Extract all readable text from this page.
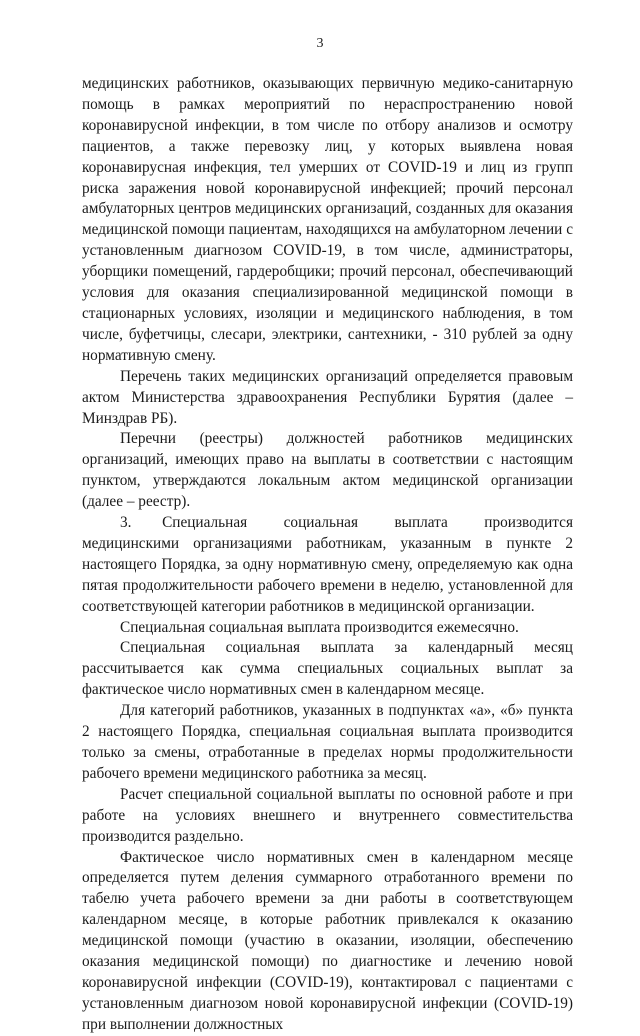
3

медицинских работников, оказывающих первичную медико-санитарную помощь в рамках мероприятий по нераспространению новой коронавирусной инфекции, в том числе по отбору анализов и осмотру пациентов, а также перевозку лиц, у которых выявлена новая коронавирусная инфекция, тел умерших от COVID-19 и лиц из групп риска заражения новой коронавирусной инфекцией; прочий персонал амбулаторных центров медицинских организаций, созданных для оказания медицинской помощи пациентам, находящихся на амбулаторном лечении с установленным диагнозом COVID-19, в том числе, администраторы, уборщики помещений, гардеробщики; прочий персонал, обеспечивающий условия для оказания специализированной медицинской помощи в стационарных условиях, изоляции и медицинского наблюдения, в том числе, буфетчицы, слесари, электрики, сантехники, - 310 рублей за одну нормативную смену.

Перечень таких медицинских организаций определяется правовым актом Министерства здравоохранения Республики Бурятия (далее – Минздрав РБ).

Перечни (реестры) должностей работников медицинских организаций, имеющих право на выплаты в соответствии с настоящим пунктом, утверждаются локальным актом медицинской организации (далее – реестр).

3.  Специальная социальная выплата производится медицинскими организациями работникам, указанным в пункте 2 настоящего Порядка, за одну нормативную смену, определяемую как одна пятая продолжительности рабочего времени в неделю, установленной для соответствующей категории работников в медицинской организации.

Специальная социальная выплата производится ежемесячно.

Специальная социальная выплата за календарный месяц рассчитывается как сумма специальных социальных выплат за фактическое число нормативных смен в календарном месяце.

Для категорий работников, указанных в подпунктах «а», «б» пункта 2 настоящего Порядка, специальная социальная выплата производится только за смены, отработанные в пределах нормы продолжительности рабочего времени медицинского работника за месяц.

Расчет специальной социальной выплаты по основной работе и при работе на условиях внешнего и внутреннего совместительства производится раздельно.

Фактическое число нормативных смен в календарном месяце определяется путем деления суммарного отработанного времени по табелю учета рабочего времени за дни работы в соответствующем календарном месяце, в которые работник привлекался к оказанию медицинской помощи (участию в оказании, изоляции, обеспечению оказания медицинской помощи) по диагностике и лечению новой коронавирусной инфекции (COVID-19), контактировал с пациентами с установленным диагнозом новой коронавирусной инфекции (COVID-19) при выполнении должностных
